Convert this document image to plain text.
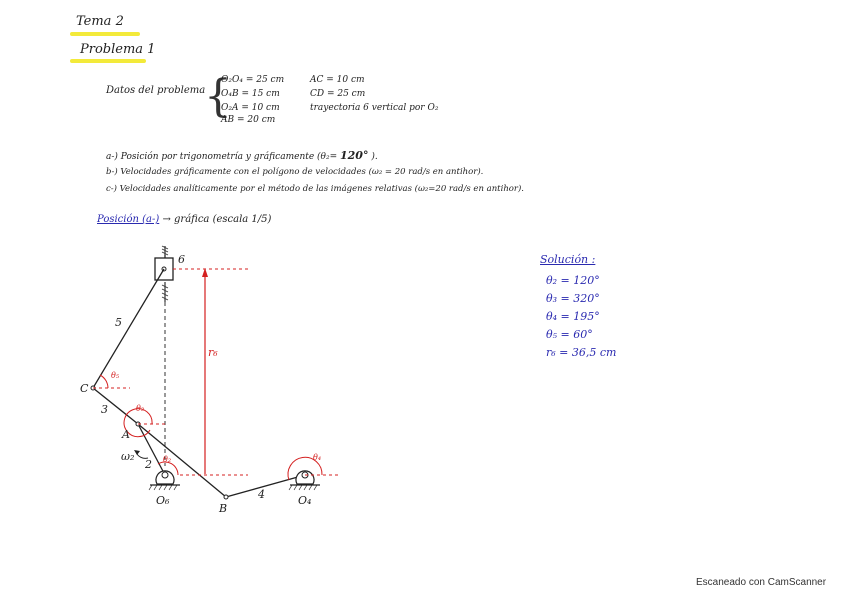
Tema 2
Problema 1
Datos del problema
{
O₂O₄ = 25 cm
O₄B = 15 cm
O₂A = 10 cm
AB = 20 cm
AC = 10 cm
CD = 25 cm
trayectoria 6 vertical por O₂
a-) Posición por trigonometría y gráficamente (θ₂= 120° ).
b-) Velocidades gráficamente con el polígono de velocidades (ω₂ = 20 rad/s en antihor).
c-) Velocidades analíticamente por el método de las imágenes relativas (ω₂=20 rad/s en antihor).
Posición (a-) → gráfica (escala 1/5)
6
5
C
3
A
ω₂
2
O₆
B
4	O₄
r₆
θ₅
θ₃
θ₂	θ₄
Solución :
θ₂ = 120°
θ₃ = 320°
θ₄ = 195°
θ₅ = 60°
r₆ = 36,5 cm
Escaneado con CamScanner
